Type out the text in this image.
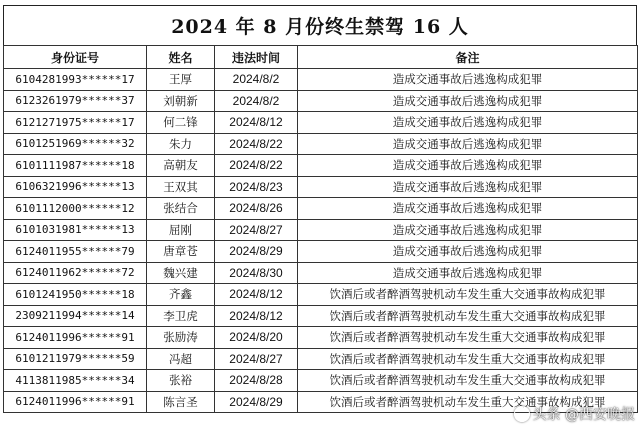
2024 年 8 月份终生禁驾 16 人
身份证号	姓名	违法时间	备注
6104281993******17	王厚	2024/8/2	造成交通事故后逃逸构成犯罪
6123261979******37	刘朝新	2024/8/2	造成交通事故后逃逸构成犯罪
6121271975******17	何二锋	2024/8/12	造成交通事故后逃逸构成犯罪
6101251969******32	朱力	2024/8/22	造成交通事故后逃逸构成犯罪
6101111987******18	高朝友	2024/8/22	造成交通事故后逃逸构成犯罪
6106321996******13	王双其	2024/8/23	造成交通事故后逃逸构成犯罪
6101112000******12	张结合	2024/8/26	造成交通事故后逃逸构成犯罪
6101031981******13	屈刚	2024/8/27	造成交通事故后逃逸构成犯罪
6124011955******79	唐章苍	2024/8/29	造成交通事故后逃逸构成犯罪
6124011962******72	魏兴建	2024/8/30	造成交通事故后逃逸构成犯罪
6101241950******18	齐鑫	2024/8/12	饮酒后或者醉酒驾驶机动车发生重大交通事故构成犯罪
2309211994******14	李卫虎	2024/8/12	饮酒后或者醉酒驾驶机动车发生重大交通事故构成犯罪
6124011996******91	张励涛	2024/8/20	饮酒后或者醉酒驾驶机动车发生重大交通事故构成犯罪
6101211979******59	冯超	2024/8/27	饮酒后或者醉酒驾驶机动车发生重大交通事故构成犯罪
4113811985******34	张裕	2024/8/28	饮酒后或者醉酒驾驶机动车发生重大交通事故构成犯罪
6124011996******91	陈言圣	2024/8/29	饮酒后或者醉酒驾驶机动车发生重大交通事故构成犯罪
头条 @西安晚报
